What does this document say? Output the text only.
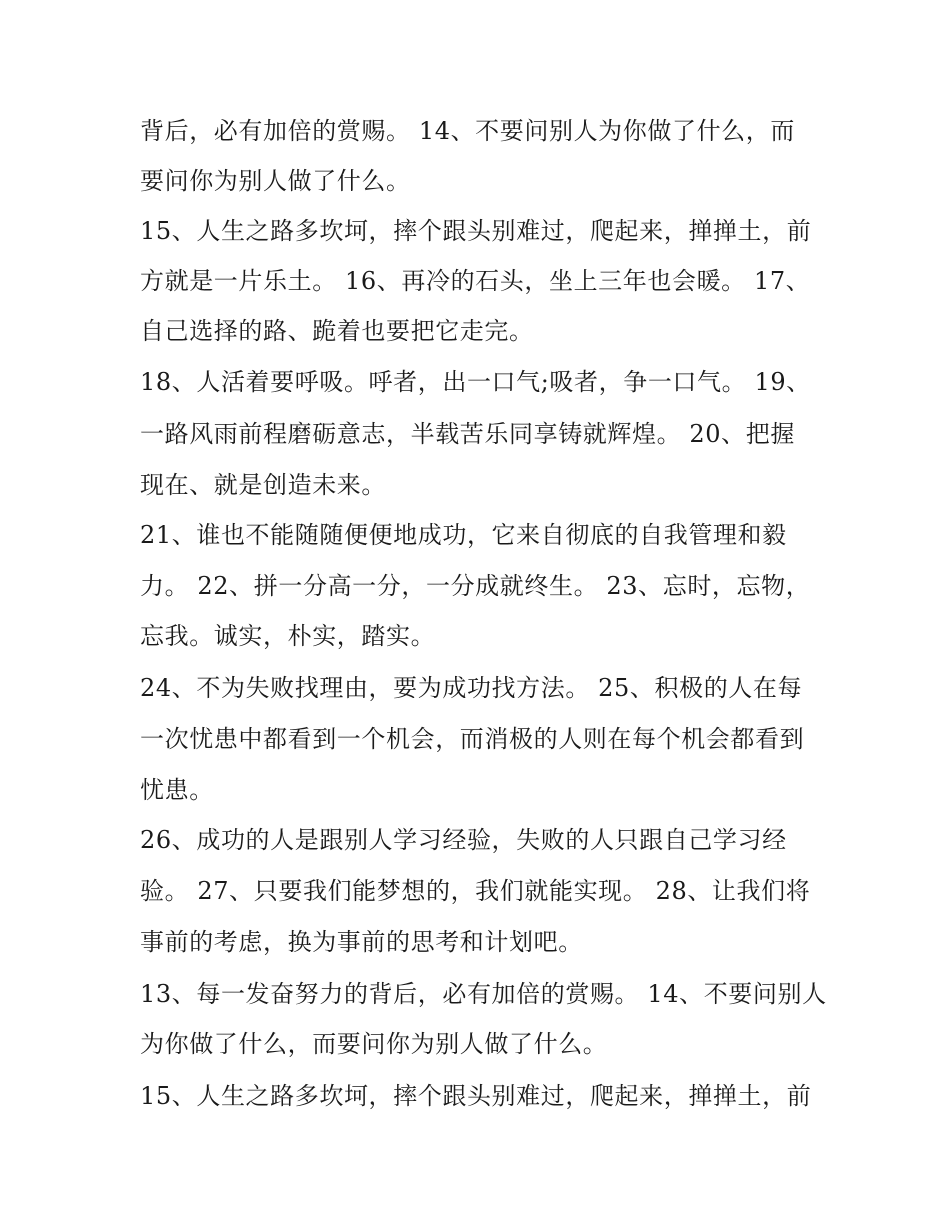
背后，必有加倍的赏赐。 14、不要问别人为你做了什么，而
要问你为别人做了什么。
15、人生之路多坎坷，摔个跟头别难过，爬起来，掸掸土，前
方就是一片乐土。 16、再冷的石头，坐上三年也会暖。 17、
自己选择的路、跪着也要把它走完。
18、人活着要呼吸。呼者，出一口气;吸者，争一口气。 19、
一路风雨前程磨砺意志，半载苦乐同享铸就辉煌。 20、把握
现在、就是创造未来。
21、谁也不能随随便便地成功，它来自彻底的自我管理和毅
力。 22、拼一分高一分，一分成就终生。 23、忘时，忘物，
忘我。诚实，朴实，踏实。
24、不为失败找理由，要为成功找方法。 25、积极的人在每
一次忧患中都看到一个机会，而消极的人则在每个机会都看到
忧患。
26、成功的人是跟别人学习经验，失败的人只跟自己学习经
验。 27、只要我们能梦想的，我们就能实现。 28、让我们将
事前的考虑，换为事前的思考和计划吧。
13、每一发奋努力的背后，必有加倍的赏赐。 14、不要问别人
为你做了什么，而要问你为别人做了什么。
15、人生之路多坎坷，摔个跟头别难过，爬起来，掸掸土，前
